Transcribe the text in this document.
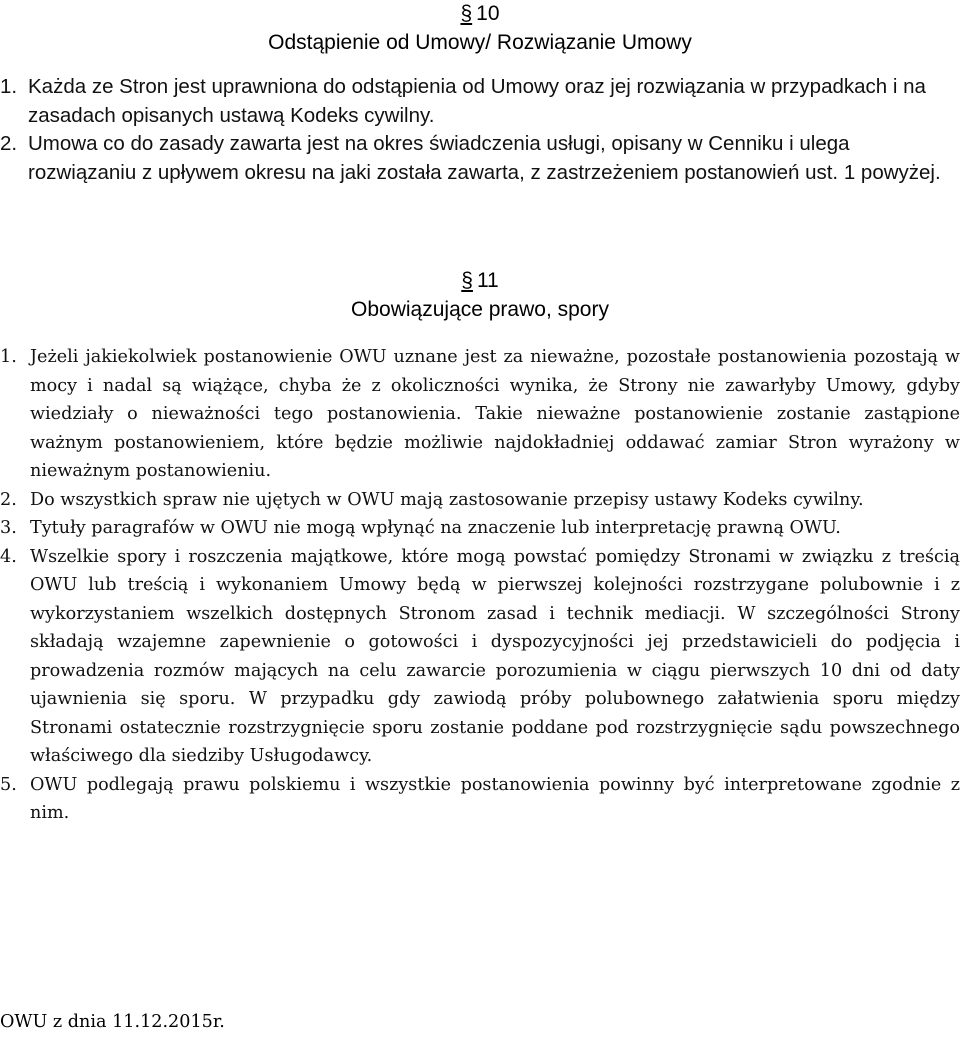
§ 10
Odstąpienie od Umowy/ Rozwiązanie Umowy
1. Każda ze Stron jest uprawniona do odstąpienia od Umowy oraz jej rozwiązania w przypadkach i na zasadach opisanych ustawą Kodeks cywilny.
2. Umowa co do zasady zawarta jest na okres świadczenia usługi, opisany w Cenniku i ulega rozwiązaniu z upływem okresu na jaki została zawarta, z zastrzeżeniem postanowień ust. 1 powyżej.
§ 11
Obowiązujące prawo, spory
1. Jeżeli jakiekolwiek postanowienie OWU uznane jest za nieważne, pozostałe postanowienia pozostają w mocy i nadal są wiążące, chyba że z okoliczności wynika, że Strony nie zawarłyby Umowy, gdyby wiedziały o nieważności tego postanowienia. Takie nieważne postanowienie zostanie zastąpione ważnym postanowieniem, które będzie możliwie najdokładniej oddawać zamiar Stron wyrażony w nieważnym postanowieniu.
2. Do wszystkich spraw nie ujętych w OWU mają zastosowanie przepisy ustawy Kodeks cywilny.
3. Tytuły paragrafów w OWU nie mogą wpłynąć na znaczenie lub interpretację prawną OWU.
4. Wszelkie spory i roszczenia majątkowe, które mogą powstać pomiędzy Stronami w związku z treścią OWU lub treścią i wykonaniem Umowy będą w pierwszej kolejności rozstrzygane polubownie i z wykorzystaniem wszelkich dostępnych Stronom zasad i technik mediacji. W szczególności Strony składają wzajemne zapewnienie o gotowości i dyspozycyjności jej przedstawicieli do podjęcia i prowadzenia rozmów mających na celu zawarcie porozumienia w ciągu pierwszych 10 dni od daty ujawnienia się sporu. W przypadku gdy zawiodą próby polubownego załatwienia sporu między Stronami ostatecznie rozstrzygnięcie sporu zostanie poddane pod rozstrzygnięcie sądu powszechnego właściwego dla siedziby Usługodawcy.
5. OWU podlegają prawu polskiemu i wszystkie postanowienia powinny być interpretowane zgodnie z nim.
OWU z dnia 11.12.2015r.
